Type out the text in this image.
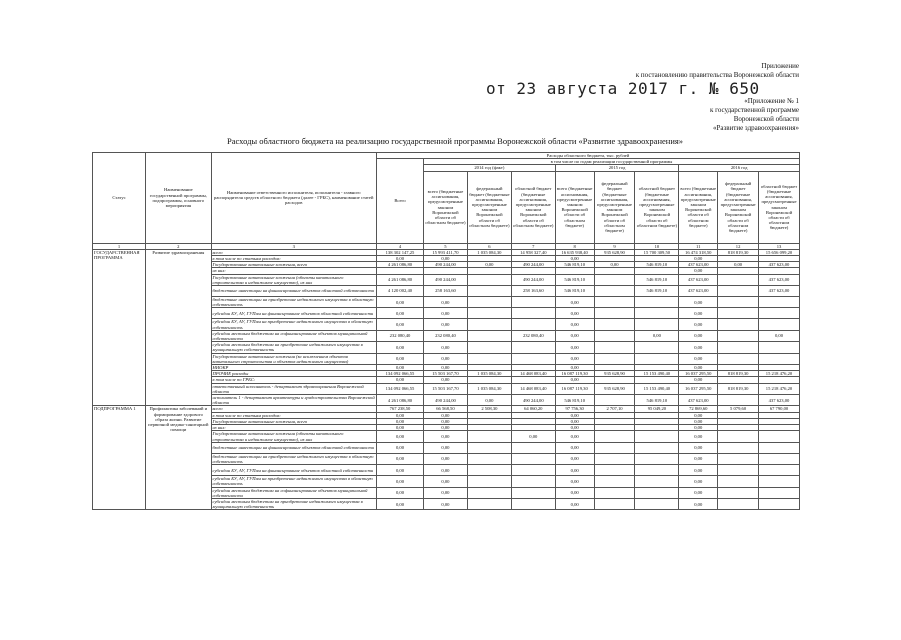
Приложение
к постановлению правительства Воронежской области
от 23 августа 2017 г. № 650
«Приложение № 1
к государственной программе
Воронежской области
«Развитие здравоохранения»
Расходы областного бюджета на реализацию государственной программы Воронежской области «Развитие здравоохранения»
Статус	Наименование государственной программы, подпрограммы, основного мероприятия	Наименование ответственного исполнителя, исполнителя - главного распорядителя средств областного бюджета (далее - ГРБС), наименование статей расходов	Расходы областного бюджета, тыс. рублей									
			Всего	в том числе по годам реализации государственной программы								
				2014 год (факт)			2015 год			2016 год		
				всего (бюджетные ассигнования, предусмотренные законом Воронежской области об областном бюджете)	федеральный бюджет (бюджетные ассигнования, предусмотренные законом Воронежской области об областном бюджете)	областной бюджет (бюджетные ассигнования, предусмотренные законом Воронежской области об областном бюджете)	всего (бюджетные ассигнования, предусмотренные законом Воронежской области об областном бюджете)	федеральный бюджет (бюджетные ассигнования, предусмотренные законом Воронежской области об областном бюджете)	областной бюджет (бюджетные ассигнования, предусмотренные законом Воронежской области об областном бюджете)	всего (бюджетные ассигнования, предусмотренные законом Воронежской области об областном бюджете)	федеральный бюджет (бюджетные ассигнования, предусмотренные законом Воронежской области об областном бюджете)	областной бюджет (бюджетные ассигнования, предусмотренные законом Воронежской области об областном бюджете)
1	2	3	4	5	6	7	8	9	10	11	12	13
ГОСУДАРСТВЕННАЯ ПРОГРАММА	Развитие здравоохранения	всего	138 302 147,25	15 993 411,70	1 035 084,30	14 958 327,40	16 635 938,40	935 628,90	15 700 309,50	16 474 318,50	818 819,30	15 656 099,20
		в том числе по статьям расходов:	0,00	0,00			0,00			0,00		
		Государственные капитальные вложения, всего	4 261 086,80	490 244,00	0,00	490 244,00	546 819,10	0,00	546 819,10	437 623,00	0,00	437 623,00
		из них:								0,00		
		Государственные капитальные вложения (объекты капитального строительства и недвижимое имущество), из них	4 261 086,80	490 244,00		490 244,00	546 819,10		546 819,10	437 623,00		437 623,00
		бюджетные инвестиции на финансирование объектов областной собственности	4 120 002,40	258 163,60		258 163,60	546 819,10		546 819,10	437 623,00		437 623,00
		бюджетные инвестиции на приобретение недвижимого имущества в областную собственность	0,00	0,00			0,00			0,00		
		субсидии БУ, АУ, ГУПам на финансирование объектов областной собственности	0,00	0,00			0,00			0,00		
		субсидии БУ, АУ, ГУПам на приобретение недвижимого имущества в областную собственность	0,00	0,00			0,00			0,00		
		субсидии местным бюджетам на софинансирование объектов муниципальной собственности	232 080,40	232 080,40		232 080,40	0,00		0,00	0,00		0,00
		субсидии местным бюджетам на приобретение недвижимого имущества в муниципальную собственность	0,00	0,00			0,00			0,00		
		Государственные капитальные вложения (за исключением объектов капитального строительства и объектов недвижимого имущества)	0,00	0,00			0,00			0,00		
		НИОКР	0,00	0,00			0,00			0,00		
		ПРОЧИЕ расходы	134 092 066,55	15 503 167,70	1 035 084,30	14 468 083,40	16 087 119,30	935 628,90	15 153 490,40	16 037 295,50	818 819,30	15 218 476,20
		в том числе по ГРБС:	0,00	0,00			0,00			0,00		
		ответственный исполнитель - департамент здравоохранения Воронежской области	134 092 066,55	15 503 167,70	1 035 084,30	14 468 083,40	16 087 119,30	935 628,90	15 153 490,40	16 037 295,50	818 819,30	15 218 476,20
		исполнитель 1 - департамент архитектуры и градостроительства Воронежской области	4 261 086,80	490 244,00	0,00	490 244,00	546 819,10		546 819,10	437 623,00		437 623,00
ПОДПРОГРАММА 1	Профилактика заболеваний и формирование здорового образа жизни. Развитие первичной медико-санитарной помощи	всего	767 238,50	66 568,50	2 508,30	64 060,20	97 756,30	2 707,10	95 049,20	72 869,60	5 079,60	67 790,00
		в том числе по статьям расходов:	0,00	0,00			0,00			0,00		
		Государственные капитальные вложения, всего	0,00	0,00			0,00			0,00		
		из них:	0,00	0,00			0,00			0,00		
		Государственные капитальные вложения (объекты капитального строительства и недвижимое имущество), из них	0,00	0,00		0,00	0,00			0,00		
		бюджетные инвестиции на финансирование объектов областной собственности	0,00	0,00			0,00			0,00		
		бюджетные инвестиции на приобретение недвижимого имущества в областную собственность	0,00	0,00			0,00			0,00		
		субсидии БУ, АУ, ГУПам на финансирование объектов областной собственности	0,00	0,00			0,00			0,00		
		субсидии БУ, АУ, ГУПам на приобретение недвижимого имущества в областную собственность	0,00	0,00			0,00			0,00		
		субсидии местным бюджетам на софинансирование объектов муниципальной собственности	0,00	0,00			0,00			0,00		
		субсидии местным бюджетам на приобретение недвижимого имущества в муниципальную собственность	0,00	0,00			0,00			0,00		
